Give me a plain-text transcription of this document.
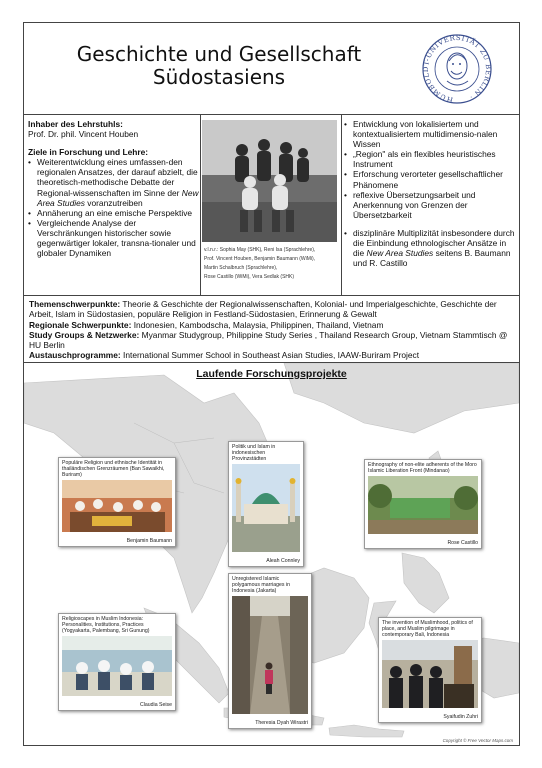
Geschichte und Gesellschaft
Südostasiens
HUMBOLDT-UNIVERSITÄT ZU BERLIN ·
Inhaber des Lehrstuhls:
Prof. Dr. phil. Vincent Houben
Ziele in Forschung und Lehre:
• Weiterentwicklung eines umfassen-den regionalen Ansatzes, der darauf abzielt, die theoretisch-methodische Debatte der Regional-wissenschaften im Sinne der New Area Studies voranzutreiben
• Annäherung an eine emische Perspektive
• Vergleichende Analyse der Verschränkungen historischer sowie gegenwärtiger lokaler, transna-tionaler und globaler Dynamiken	v.l.n.r.: Sophia May (SHK), Reni Isa (Sprachlehre),
Prof. Vincent Houben, Benjamin Baumann (WiMi),
Martin Schalbruch (Sprachlehre),
Rose Castillo (WiMi), Vera Sedlak (SHK)
• Entwicklung von lokalisiertem und kontextualisiertem multidimensio-nalen Wissen
• „Region" als ein flexibles heuristisches Instrument
• Erforschung verorteter gesellschaftlicher Phänomene
• reflexive Übersetzungsarbeit und Anerkennung von Grenzen der Übersetzbarkeit
• disziplinäre Multiplizität insbesondere durch die Einbindung ethnologischer Ansätze in die New Area Studies seitens B. Baumann und R. Castillo
Themenschwerpunkte: Theorie & Geschichte der Regionalwissenschaften, Kolonial- und Imperialgeschichte, Geschichte der Arbeit, Islam in Südostasien, populäre Religion in Festland-Südostasien, Erinnerung & Gewalt
Regionale Schwerpunkte: Indonesien, Kambodscha, Malaysia, Philippinen, Thailand, Vietnam
Study Groups & Netzwerke: Myanmar Studygroup, Philippine Study Series , Thailand Research Group, Vietnam Stammtisch @ HU Berlin
Austauschprogramme: International Summer School in Southeast Asian Studies, IAAW-Buriram Project
Laufende Forschungsprojekte
Populäre Religion und ethnische Identität in thailändischen Grenzräumen (Ban Sawaikhi, Buriram)
Benjamin Baumann
Politik und Islam in indonesischen Provinzstädten
Aleah Connley
Ethnography of non-elite adherents of the Moro Islamic Liberation Front (Mindanao)
Rose Castillo
Religioscapes in Muslim Indonesia: Personalities, Institutions, Practices (Yogyakarta, Palembang, Sri Gunung)
Claudia Seise
Unregistered Islamic polygamous marriages in Indonesia (Jakarta)
Theresia Dyah Wirastri
The invention of Muslimhood, politics of place, and Muslim pilgrimage in contemporary Bali, Indonesia
Syaifudin Zuhri
Copyright © Free Vector Maps.com
